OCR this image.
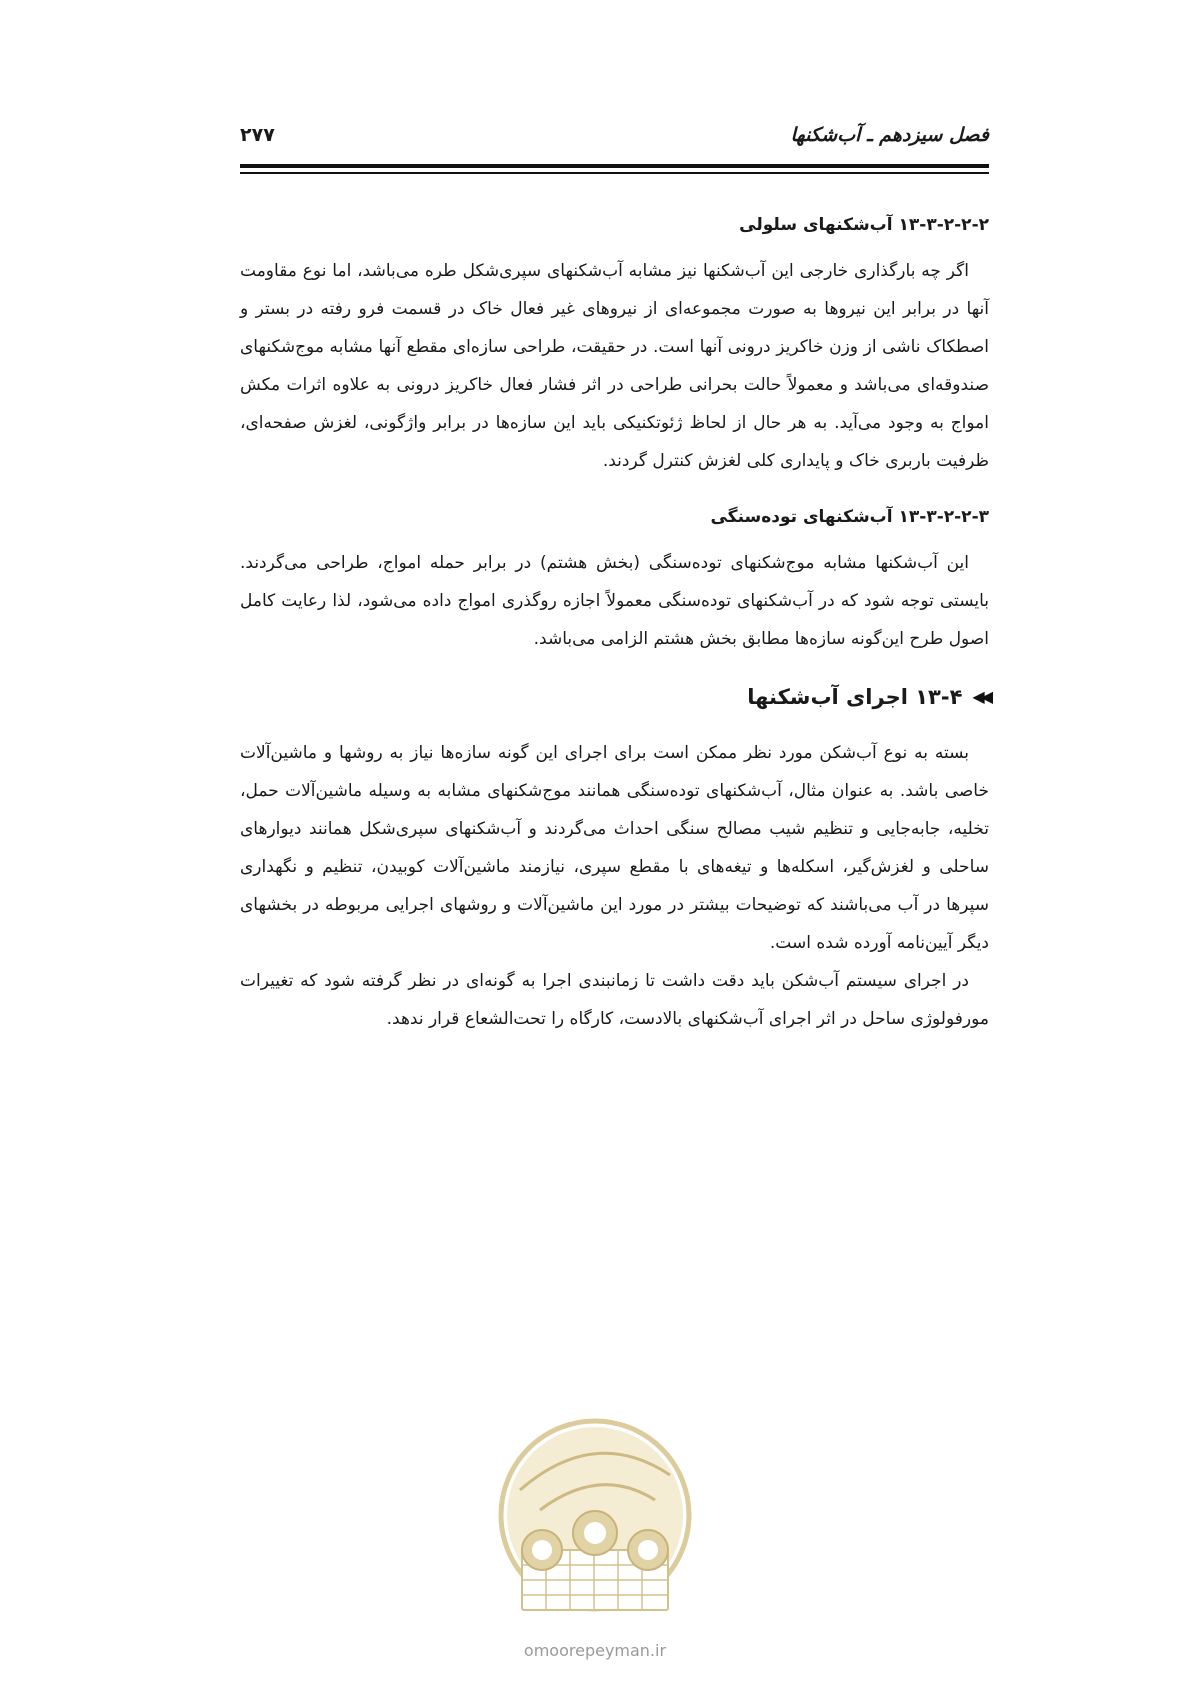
فصل سیزدهم ـ آب‌شکنها
۲۷۷
۱۳-۳-۲-۲-۲ آب‌شکنهای سلولی

اگر چه بارگذاری خارجی این آب‌شکنها نیز مشابه آب‌شکنهای سپری‌شکل طره می‌باشد، اما نوع مقاومت آنها در برابر این نیروها به صورت مجموعه‌ای از نیروهای غیر فعال خاک در قسمت فرو رفته در بستر و اصطکاک ناشی از وزن خاکریز درونی آنها است. در حقیقت، طراحی سازه‌ای مقطع آنها مشابه موج‌شکنهای صندوقه‌ای می‌باشد و معمولاً حالت بحرانی طراحی در اثر فشار فعال خاکریز درونی به علاوه اثرات مکش امواج به وجود می‌آید. به هر حال از لحاظ ژئوتکنیکی باید این سازه‌ها در برابر واژگونی، لغزش صفحه‌ای، ظرفیت باربری خاک و پایداری کلی لغزش کنترل گردند.

۱۳-۳-۲-۲-۳ آب‌شکنهای توده‌سنگی

این آب‌شکنها مشابه موج‌شکنهای توده‌سنگی (بخش هشتم) در برابر حمله امواج، طراحی می‌گردند. بایستی توجه شود که در آب‌شکنهای توده‌سنگی معمولاً اجازه روگذری امواج داده می‌شود، لذا رعایت کامل اصول طرح این‌گونه سازه‌ها مطابق بخش هشتم الزامی می‌باشد.

◀◀
۱۳-۴ اجرای آب‌شکنها

بسته به نوع آب‌شکن مورد نظر ممکن است برای اجرای این گونه سازه‌ها نیاز به روشها و ماشین‌آلات خاصی باشد. به عنوان مثال، آب‌شکنهای توده‌سنگی همانند موج‌شکنهای مشابه به وسیله ماشین‌آلات حمل، تخلیه، جابه‌جایی و تنظیم شیب مصالح سنگی احداث می‌گردند و آب‌شکنهای سپری‌شکل همانند دیوارهای ساحلی و لغزش‌گیر، اسکله‌ها و تیغه‌های با مقطع سپری، نیازمند ماشین‌آلات کوبیدن، تنظیم و نگهداری سپرها در آب می‌باشند که توضیحات بیشتر در مورد این ماشین‌آلات و روشهای اجرایی مربوطه در بخشهای دیگر آیین‌نامه آورده شده است.

در اجرای سیستم آب‌شکن باید دقت داشت تا زمانبندی اجرا به گونه‌ای در نظر گرفته شود که تغییرات مورفولوژی ساحل در اثر اجرای آب‌شکنهای بالادست، کارگاه را تحت‌الشعاع قرار ندهد.

omoorepeyman.ir
